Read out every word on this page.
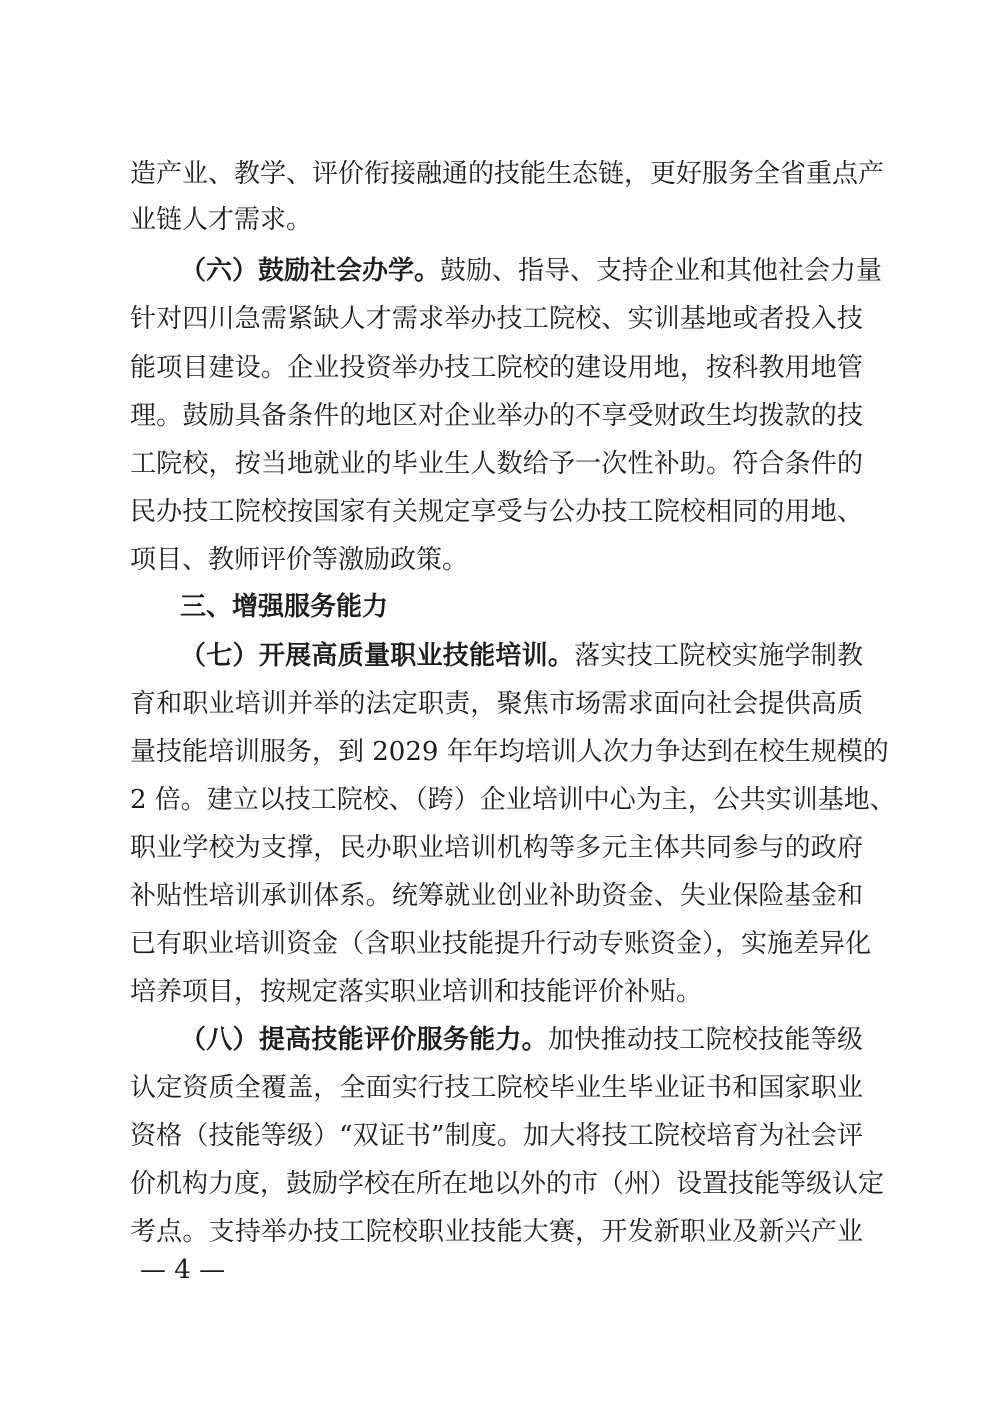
造产业、教学、评价衔接融通的技能生态链，更好服务全省重点产
业链人才需求。
（六）鼓励社会办学。鼓励、指导、支持企业和其他社会力量
针对四川急需紧缺人才需求举办技工院校、实训基地或者投入技
能项目建设。企业投资举办技工院校的建设用地，按科教用地管
理。鼓励具备条件的地区对企业举办的不享受财政生均拨款的技
工院校，按当地就业的毕业生人数给予一次性补助。符合条件的
民办技工院校按国家有关规定享受与公办技工院校相同的用地、
项目、教师评价等激励政策。
三、增强服务能力
（七）开展高质量职业技能培训。落实技工院校实施学制教
育和职业培训并举的法定职责，聚焦市场需求面向社会提供高质
量技能培训服务，到 2029 年年均培训人次力争达到在校生规模的
2 倍。建立以技工院校、（跨）企业培训中心为主，公共实训基地、
职业学校为支撑，民办职业培训机构等多元主体共同参与的政府
补贴性培训承训体系。统筹就业创业补助资金、失业保险基金和
已有职业培训资金（含职业技能提升行动专账资金），实施差异化
培养项目，按规定落实职业培训和技能评价补贴。
（八）提高技能评价服务能力。加快推动技工院校技能等级
认定资质全覆盖，全面实行技工院校毕业生毕业证书和国家职业
资格（技能等级）“双证书”制度。加大将技工院校培育为社会评
价机构力度，鼓励学校在所在地以外的市（州）设置技能等级认定
考点。支持举办技工院校职业技能大赛，开发新职业及新兴产业
— 4 —
